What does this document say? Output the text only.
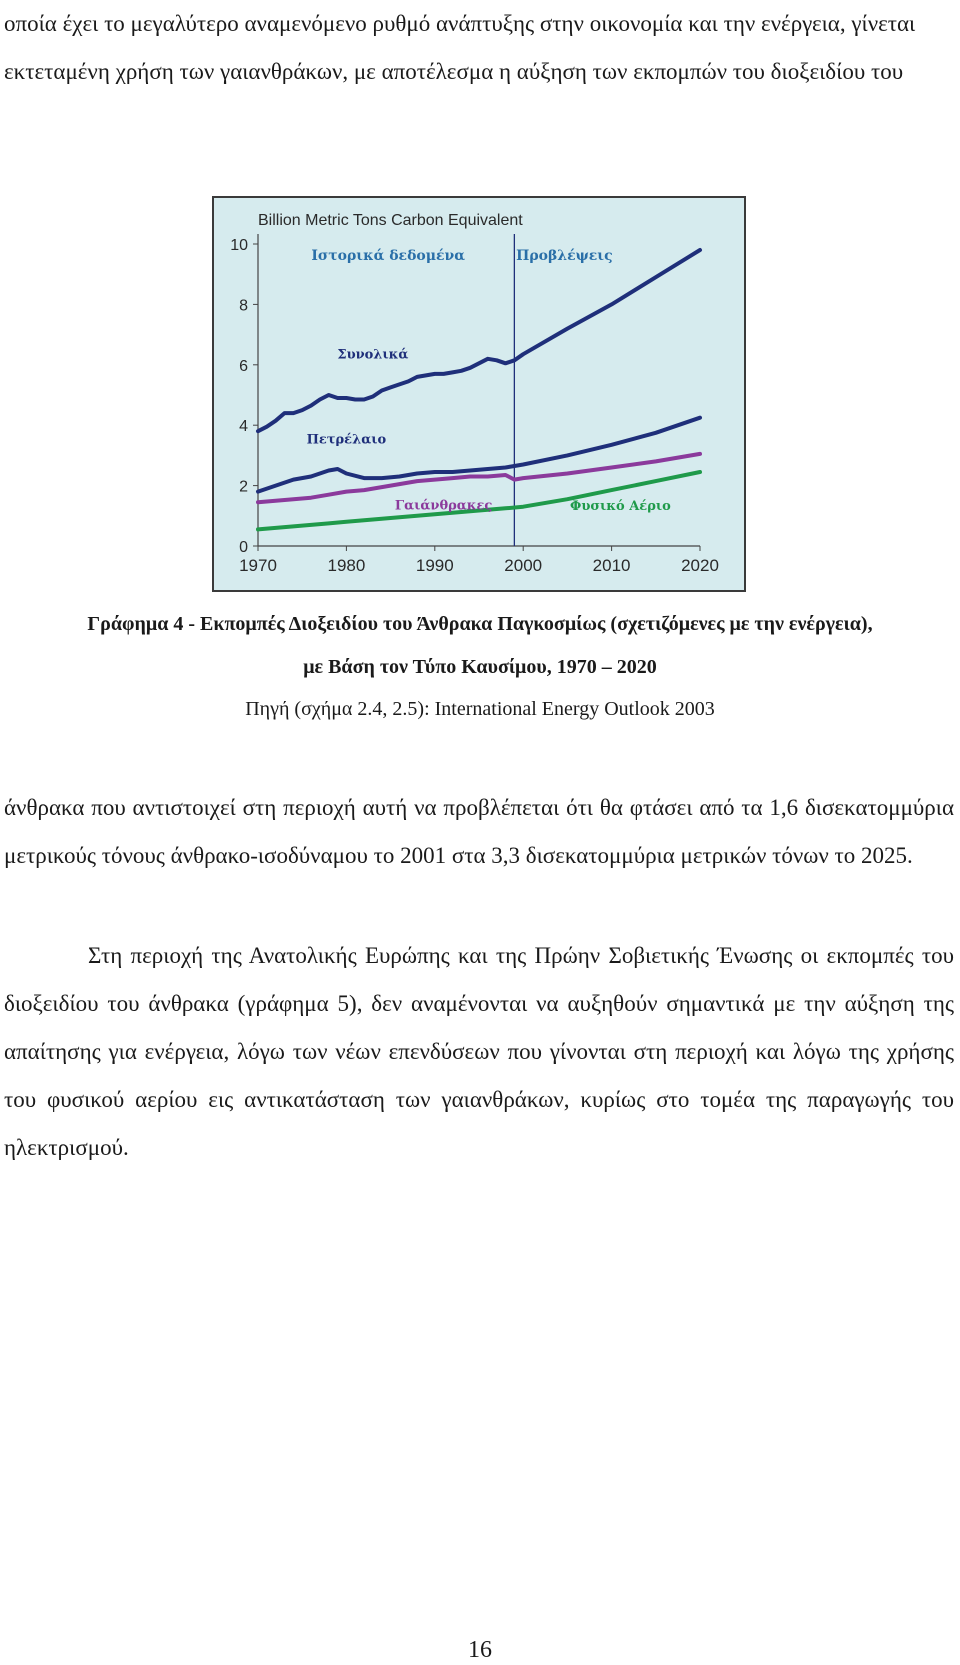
οποία έχει το μεγαλύτερο αναμενόμενο ρυθμό ανάπτυξης στην οικονομία και την ενέργεια, γίνεται εκτεταμένη χρήση των γαιανθράκων, με αποτέλεσμα η αύξηση των εκπομπών του διοξειδίου του

Billion Metric Tons Carbon Equivalent
0
2
4
6
8
10
1970	1980	1990	2000	2010	2020
Ιστορικά δεδομένα	Προβλέψεις
Συνολικά
Πετρέλαιο
Γαιάνθρακες	Φυσικό Αέριο

Γράφημα 4 - Εκπομπές Διοξειδίου του Άνθρακα Παγκοσμίως (σχετιζόμενες με την ενέργεια),

με Βάση τον Τύπο Καυσίμου, 1970 – 2020

Πηγή (σχήμα 2.4, 2.5): International Energy Outlook 2003

άνθρακα που αντιστοιχεί στη περιοχή αυτή να προβλέπεται ότι θα φτάσει από τα 1,6 δισεκατομμύρια μετρικούς τόνους άνθρακο-ισοδύναμου το 2001 στα 3,3 δισεκατομμύρια μετρικών τόνων το 2025.

Στη περιοχή της Ανατολικής Ευρώπης και της Πρώην Σοβιετικής Ένωσης οι εκπομπές του διοξειδίου του άνθρακα (γράφημα 5), δεν αναμένονται να αυξηθούν σημαντικά με την αύξηση της απαίτησης για ενέργεια, λόγω των νέων επενδύσεων που γίνονται στη περιοχή και λόγω της χρήσης του φυσικού αερίου εις αντικατάσταση των γαιανθράκων, κυρίως στο τομέα της παραγωγής του ηλεκτρισμού.

16
